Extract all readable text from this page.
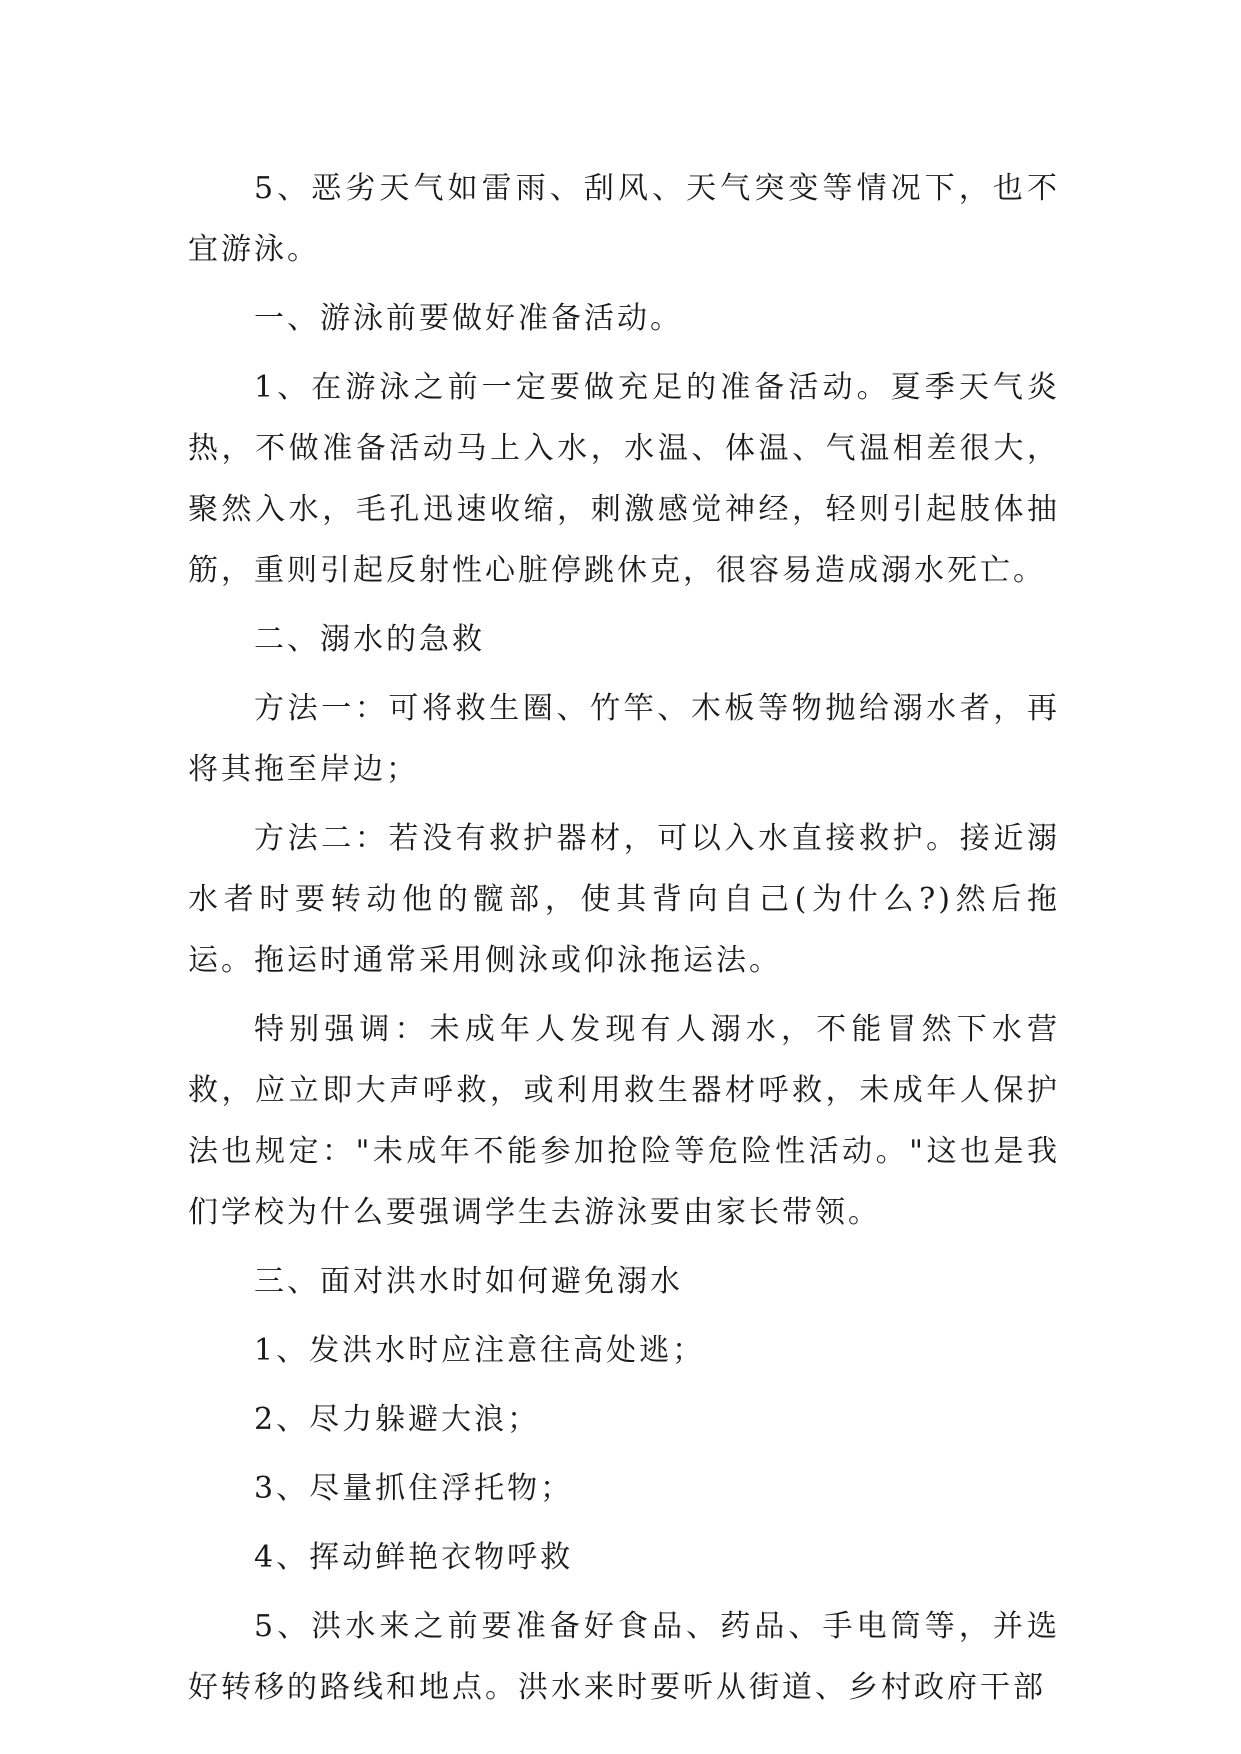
5、恶劣天气如雷雨、刮风、天气突变等情况下，也不宜游泳。

一、游泳前要做好准备活动。

1、在游泳之前一定要做充足的准备活动。夏季天气炎热，不做准备活动马上入水，水温、体温、气温相差很大，聚然入水，毛孔迅速收缩，刺激感觉神经，轻则引起肢体抽筋，重则引起反射性心脏停跳休克，很容易造成溺水死亡。

二、溺水的急救

方法一：可将救生圈、竹竿、木板等物抛给溺水者，再将其拖至岸边；

方法二：若没有救护器材，可以入水直接救护。接近溺水者时要转动他的髋部，使其背向自己(为什么?)然后拖运。拖运时通常采用侧泳或仰泳拖运法。

特别强调：未成年人发现有人溺水，不能冒然下水营救，应立即大声呼救，或利用救生器材呼救，未成年人保护法也规定："未成年不能参加抢险等危险性活动。"这也是我们学校为什么要强调学生去游泳要由家长带领。

三、面对洪水时如何避免溺水

1、发洪水时应注意往高处逃；

2、尽力躲避大浪；

3、尽量抓住浮托物；

4、挥动鲜艳衣物呼救

5、洪水来之前要准备好食品、药品、手电筒等，并选好转移的路线和地点。洪水来时要听从街道、乡村政府干部
